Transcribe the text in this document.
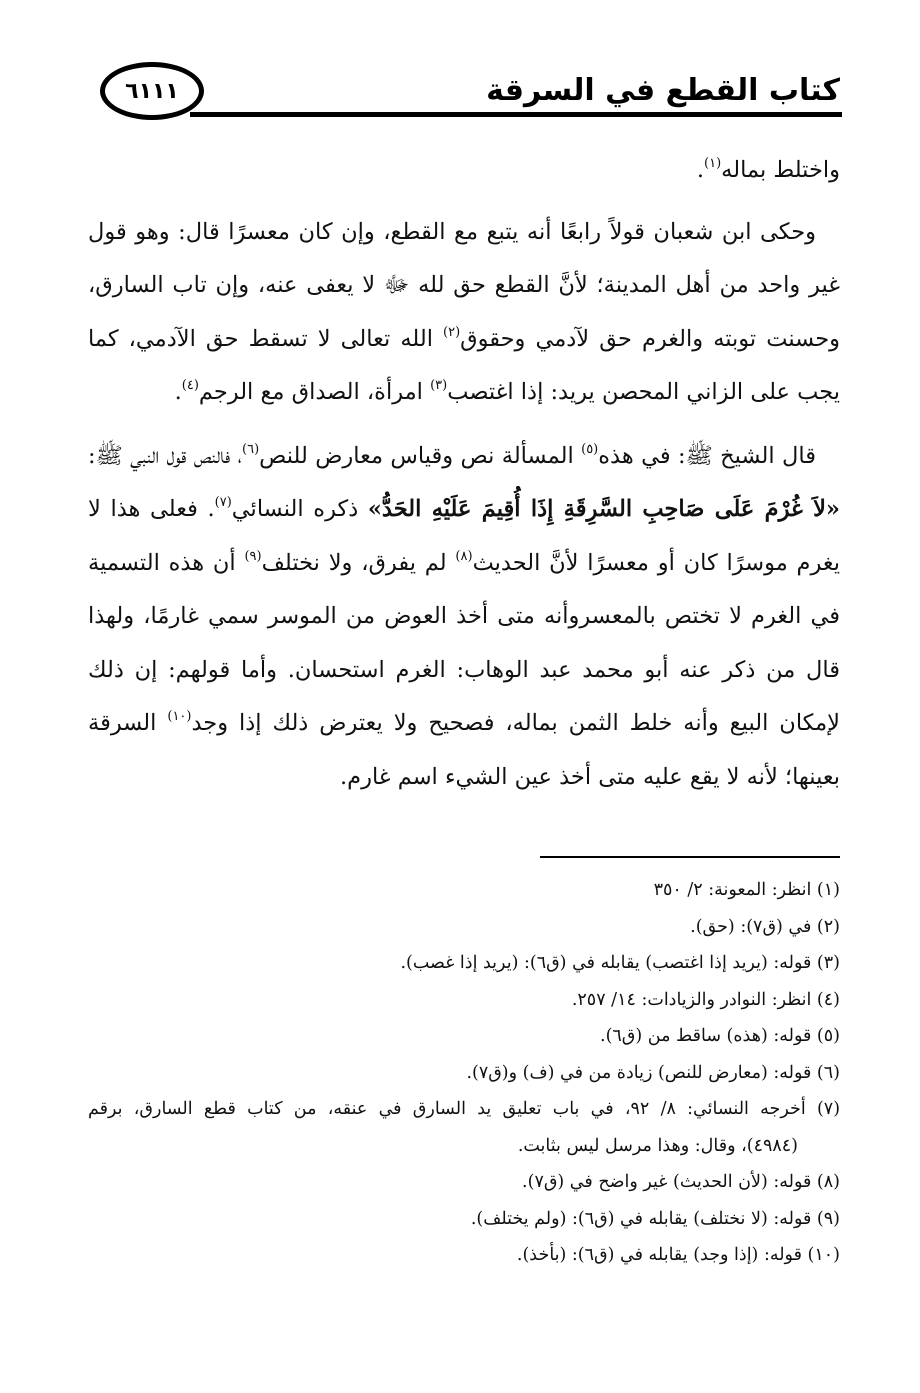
كتاب القطع في السرقة
٦١١١

واختلط بماله$^{(١)}$.

وحكى ابن شعبان قولاً رابعًا أنه يتبع مع القطع، وإن كان معسرًا قال: وهو قول غير واحد من أهل المدينة؛ لأنَّ القطع حق لله ﷻ لا يعفى عنه، وإن تاب السارق، وحسنت توبته والغرم حق لآدمي وحقوق$^{(٢)}$ الله تعالى لا تسقط حق الآدمي، كما يجب على الزاني المحصن يريد: إذا اغتصب$^{(٣)}$ امرأة، الصداق مع الرجم$^{(٤)}$.

قال الشيخ ﷺ: في هذه$^{(٥)}$ المسألة نص وقياس معارض للنص$^{(٦)}$، فالنص قول النبي ﷺ: «لاَ غُرْمَ عَلَى صَاحِبِ السَّرِقَةِ إِذَا أُقِيمَ عَلَيْهِ الحَدُّ» ذكره النسائي$^{(٧)}$. فعلى هذا لا يغرم موسرًا كان أو معسرًا لأنَّ الحديث$^{(٨)}$ لم يفرق، ولا نختلف$^{(٩)}$ أن هذه التسمية في الغرم لا تختص بالمعسروأنه متى أخذ العوض من الموسر سمي غارمًا، ولهذا قال من ذكر عنه أبو محمد عبد الوهاب: الغرم استحسان. وأما قولهم: إن ذلك لإمكان البيع وأنه خلط الثمن بماله، فصحيح ولا يعترض ذلك إذا وجد$^{(١٠)}$ السرقة بعينها؛ لأنه لا يقع عليه متى أخذ عين الشيء اسم غارم.

(١) انظر: المعونة: ٢/ ٣٥٠
(٢) في (ق٧): (حق).
(٣) قوله: (يريد إذا اغتصب) يقابله في (ق٦): (يريد إذا غصب).
(٤) انظر: النوادر والزيادات: ١٤/ ٢٥٧.
(٥) قوله: (هذه) ساقط من (ق٦).
(٦) قوله: (معارض للنص) زيادة من في (ف) و(ق٧).
(٧) أخرجه النسائي: ٨/ ٩٢، في باب تعليق يد السارق في عنقه، من كتاب قطع السارق، برقم
(٤٩٨٤)، وقال: وهذا مرسل ليس بثابت.
(٨) قوله: (لأن الحديث) غير واضح في (ق٧).
(٩) قوله: (لا نختلف) يقابله في (ق٦): (ولم يختلف).
(١٠) قوله: (إذا وجد) يقابله في (ق٦): (بأخذ).
